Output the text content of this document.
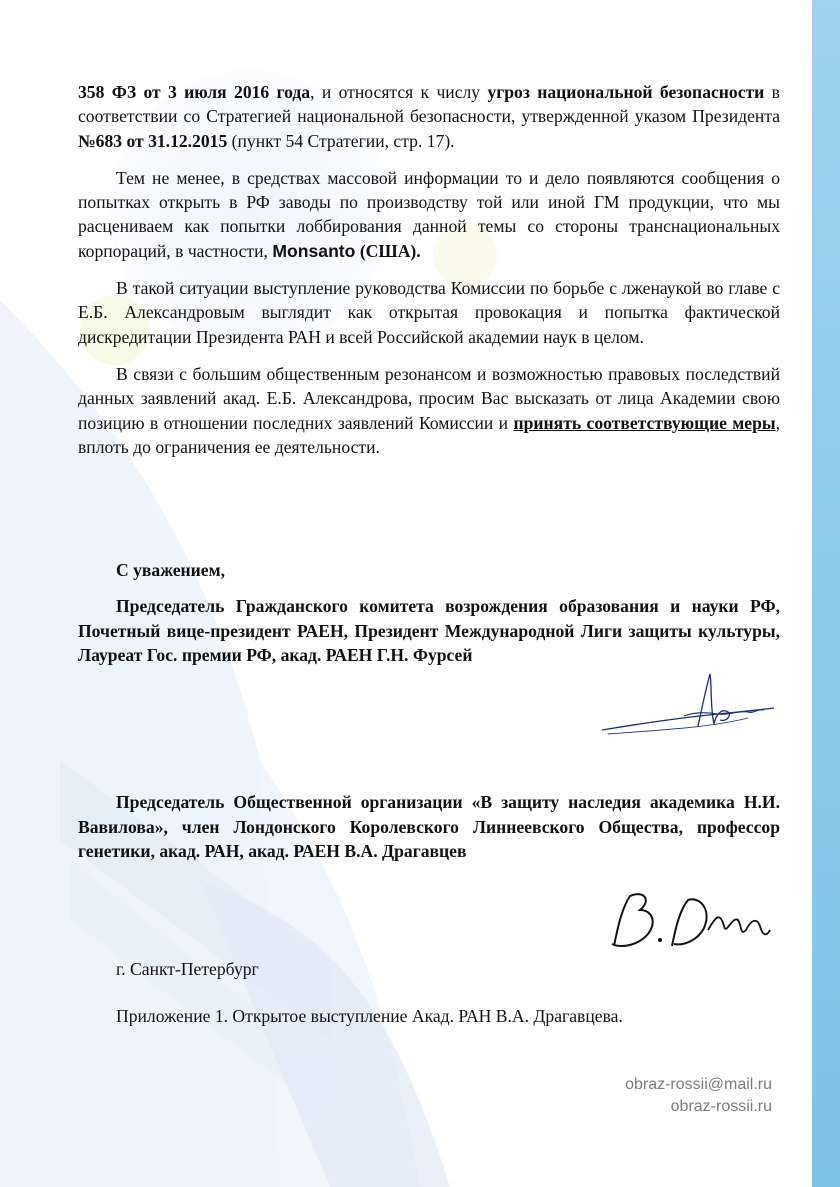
358 ФЗ от 3 июля 2016 года, и относятся к числу угроз национальной безопасности в соответствии со Стратегией национальной безопасности, утвержденной указом Президента №683 от 31.12.2015 (пункт 54 Стратегии, стр. 17).

Тем не менее, в средствах массовой информации то и дело появляются сообщения о попытках открыть в РФ заводы по производству той или иной ГМ продукции, что мы расцениваем как попытки лоббирования данной темы со стороны транснациональных корпораций, в частности, Monsanto (США).

В такой ситуации выступление руководства Комиссии по борьбе с лженаукой во главе с Е.Б. Александровым выглядит как открытая провокация и попытка фактической дискредитации Президента РАН и всей Российской академии наук в целом.

В связи с большим общественным резонансом и возможностью правовых последствий данных заявлений акад. Е.Б. Александрова, просим Вас высказать от лица Академии свою позицию в отношении последних заявлений Комиссии и принять соответствующие меры, вплоть до ограничения ее деятельности.

С уважением,
Председатель Гражданского комитета возрождения образования и науки РФ, Почетный вице-президент РАЕН, Президент Международной Лиги защиты культуры, Лауреат Гос. премии РФ, акад. РАЕН Г.Н. Фурсей
Председатель Общественной организации «В защиту наследия академика Н.И. Вавилова», член Лондонского Королевского Линнеевского Общества, профессор генетики, акад. РАН, акад. РАЕН В.А. Драгавцев
г. Санкт-Петербург
Приложение 1. Открытое выступление Акад. РАН В.А. Драгавцева.
obraz-rossii@mail.ru
obraz-rossii.ru
